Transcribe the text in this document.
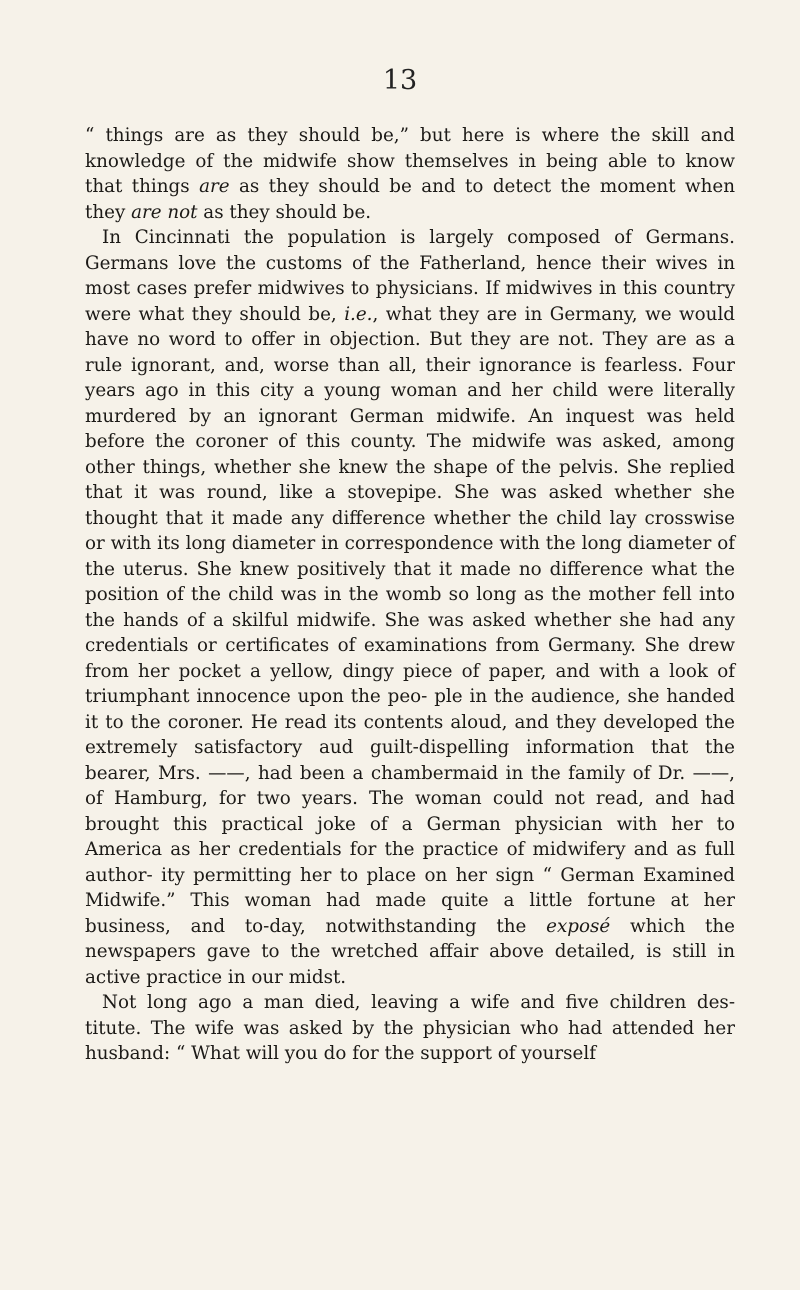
13

“ things are as they should be,” but here is where the skill and knowledge of the midwife show themselves in being able to know that things are as they should be and to detect the moment when they are not as they should be.

In Cincinnati the population is largely composed of Germans. Germans love the customs of the Fatherland, hence their wives in most cases prefer midwives to physicians. If midwives in this country were what they should be, i.e., what they are in Germany, we would have no word to offer in objection. But they are not. They are as a rule ignorant, and, worse than all, their ignorance is fearless. Four years ago in this city a young woman and her child were literally murdered by an ignorant German midwife. An inquest was held before the coroner of this county. The midwife was asked, among other things, whether she knew the shape of the pelvis. She replied that it was round, like a stovepipe. She was asked whether she thought that it made any difference whether the child lay crosswise or with its long diameter in correspondence with the long diameter of the uterus. She knew positively that it made no difference what the position of the child was in the womb so long as the mother fell into the hands of a skilful midwife. She was asked whether she had any credentials or certificates of examinations from Germany. She drew from her pocket a yellow, dingy piece of paper, and with a look of triumphant innocence upon the peo- ple in the audience, she handed it to the coroner. He read its contents aloud, and they developed the extremely satisfactory aud guilt-dispelling information that the bearer, Mrs. ——, had been a chambermaid in the family of Dr. ——, of Hamburg, for two years. The woman could not read, and had brought this practical joke of a German physician with her to America as her credentials for the practice of midwifery and as full author- ity permitting her to place on her sign “ German Examined Midwife.” This woman had made quite a little fortune at her business, and to-day, notwithstanding the exposé which the newspapers gave to the wretched affair above detailed, is still in active practice in our midst.

Not long ago a man died, leaving a wife and five children des- titute. The wife was asked by the physician who had attended her husband: “ What will you do for the support of yourself
